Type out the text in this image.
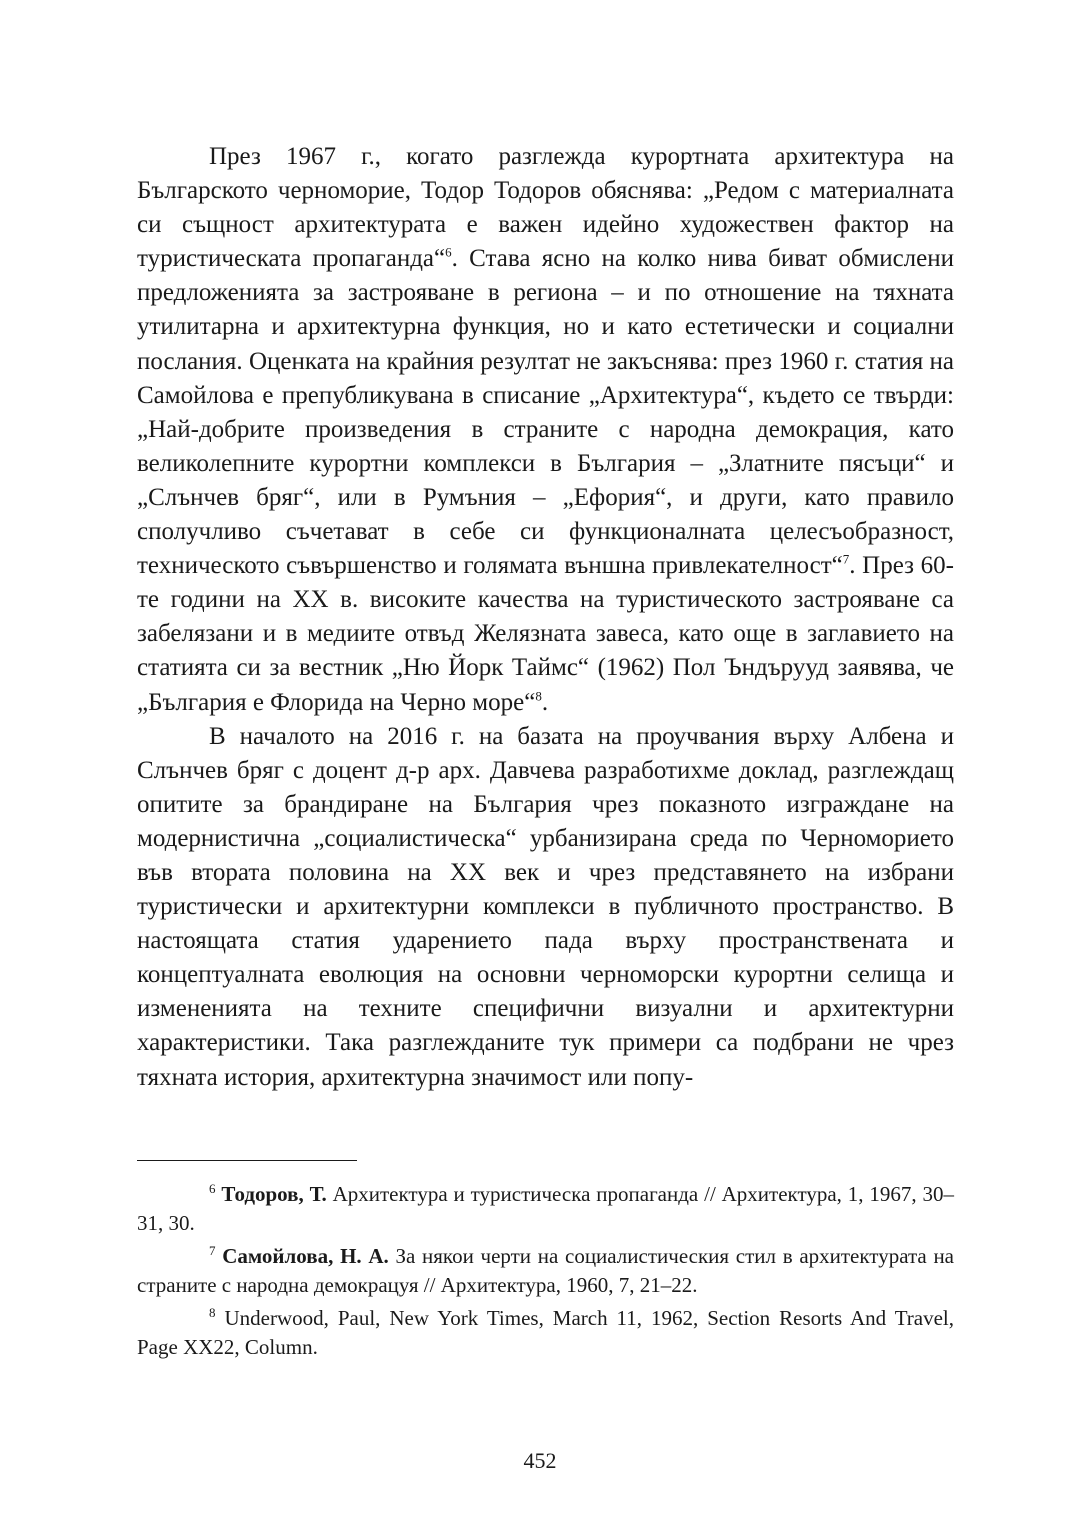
През 1967 г., когато разглежда курортната архитектура на Българското черноморие, Тодор Тодоров обяснява: „Редом с материалната си същност архитектурата е важен идейно художествен фактор на туристическата пропаганда“$^6$. Става ясно на колко нива биват обмислени предложенията за застрояване в региона – и по отношение на тяхната утилитарна и архитектурна функция, но и като естетически и социални послания. Оценката на крайния резултат не закъснява: през 1960 г. статия на Самойлова е препубликувана в списание „Архитектура“, където се твърди: „Най-добрите произведения в страните с народна демокрация, като великолепните курортни комплекси в България – „Златните пясъци“ и „Слънчев бряг“, или в Румъния – „Ефория“, и други, като правило сполучливо съчетават в себе си функционалната целесъобразност, техническото съвършенство и голямата външна привлекателност“$^7$. През 60-те години на XX в. високите качества на туристическото застрояване са забелязани и в медиите отвъд Желязната завеса, като още в заглавието на статията си за вестник „Ню Йорк Таймс“ (1962) Пол Ъндърууд заявява, че „България е Флорида на Черно море“$^8$.

В началото на 2016 г. на базата на проучвания върху Албена и Слънчев бряг с доцент д-р арх. Давчева разработихме доклад, разглеждащ опитите за брандиране на България чрез показното изграждане на модернистична „социалистическа“ урбанизирана среда по Черноморието във втората половина на XX век и чрез представянето на избрани туристически и архитектурни комплекси в публичното пространство. В настоящата статия ударението пада върху пространствената и концептуалната еволюция на основни черноморски курортни селища и измененията на техните специфични визуални и архитектурни характеристики. Така разглежданите тук примери са подбрани не чрез тяхната история, архитектурна значимост или попу-

$^6$ Тодоров, Т. Архитектура и туристическа пропаганда // Архитектура, 1, 1967, 30–31, 30.

$^7$ Самойлова, Н. А. За някои черти на социалистическия стил в архитектурата на страните с народна демокрацуя // Архитектура, 1960, 7, 21–22.

$^8$ Underwood, Paul, New York Times, March 11, 1962, Section Resorts And Travel, Page XX22, Column.

452
